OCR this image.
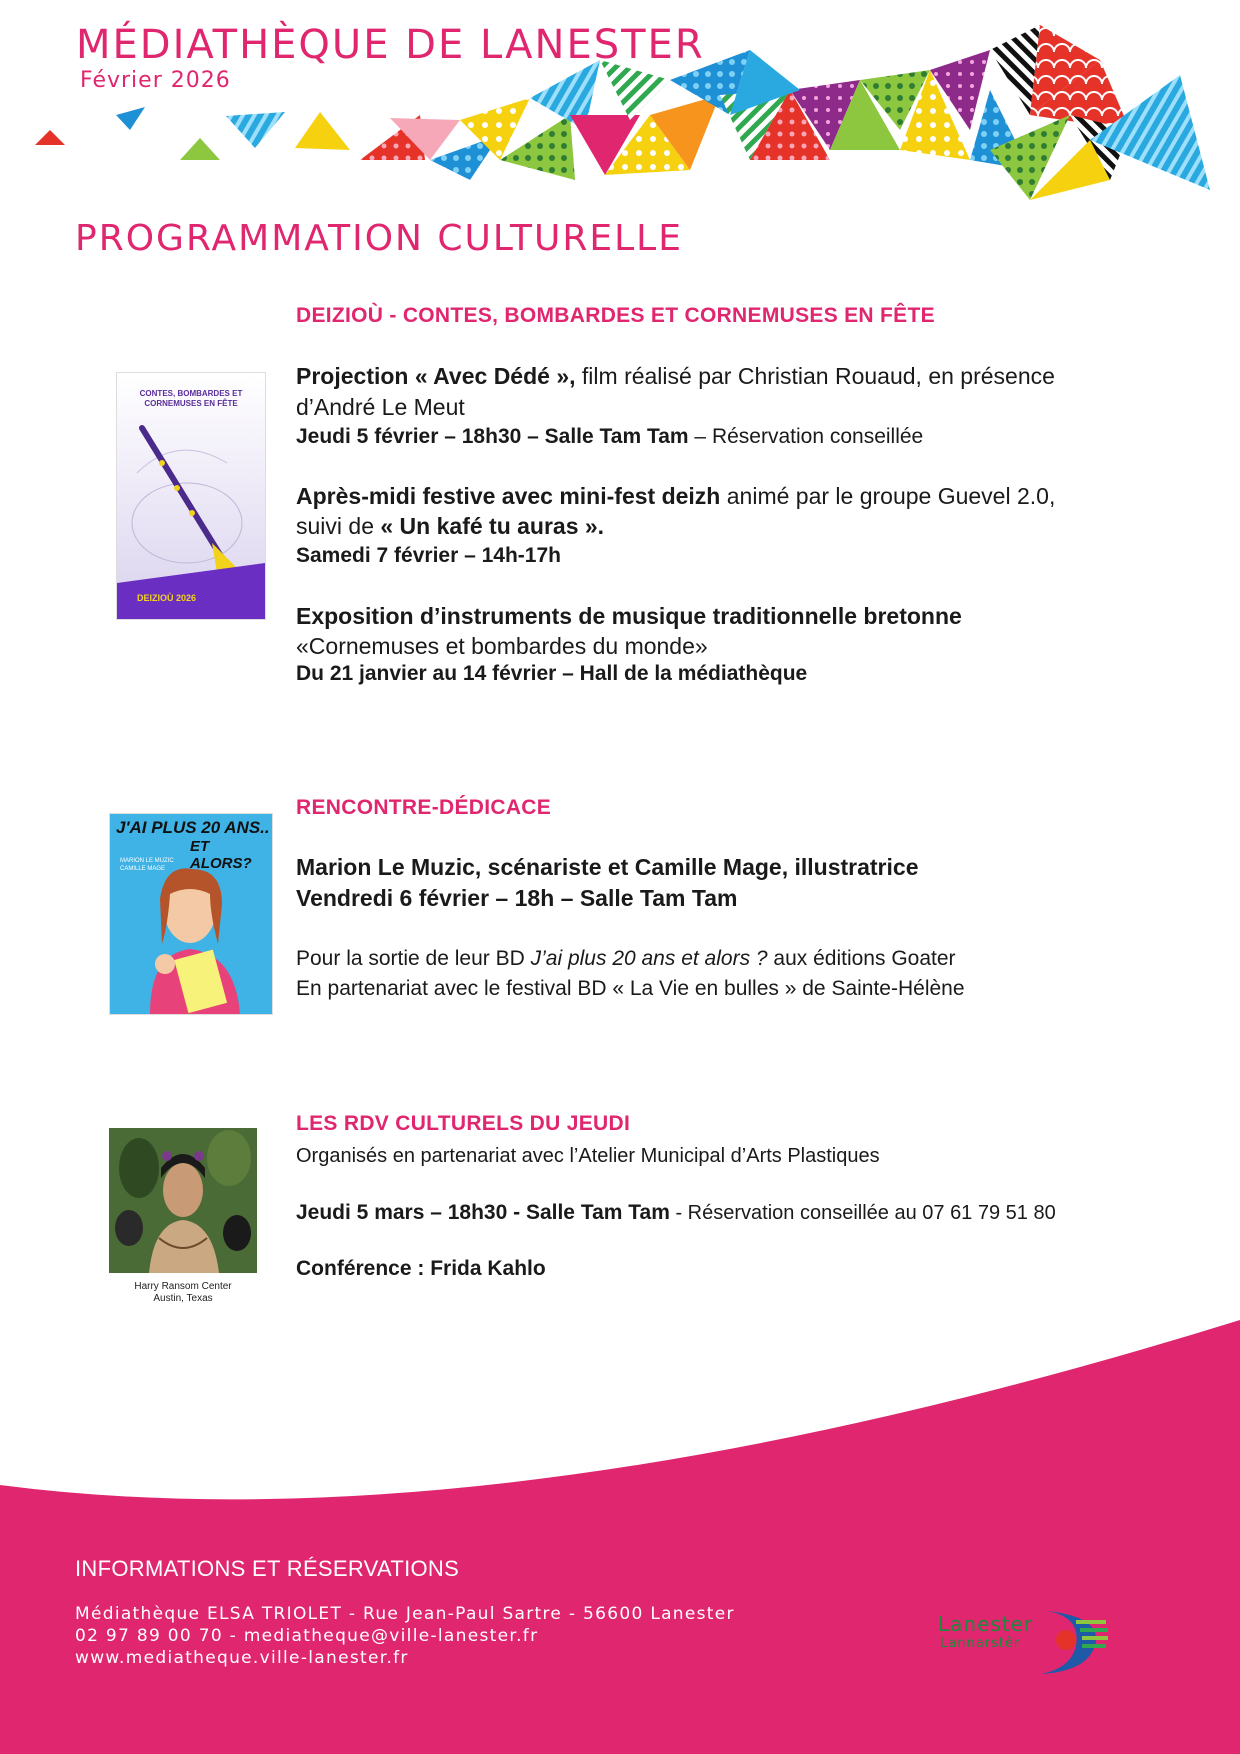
MÉDIATHÈQUE DE LANESTER
Février 2026
PROGRAMMATION CULTURELLE
CONTES, BOMBARDES ET CORNEMUSES EN FÊTE
DEIZIOÙ 2026
DEIZIOÙ - CONTES, BOMBARDES ET CORNEMUSES EN FÊTE
Projection « Avec Dédé », film réalisé par Christian Rouaud, en présence
d’André Le Meut
Jeudi 5 février – 18h30 – Salle Tam Tam – Réservation conseillée
Après-midi festive avec mini-fest deizh animé par le groupe Guevel 2.0,
suivi de « Un kafé tu auras ».
Samedi 7 février – 14h-17h
Exposition d’instruments de musique traditionnelle bretonne
«Cornemuses et bombardes du monde»
Du 21 janvier au 14 février – Hall de la médiathèque
J'AI PLUS 20 ANS..
ET ALORS?
MARION LE MUZIC
CAMILLE MAGE
RENCONTRE-DÉDICACE
Marion Le Muzic, scénariste et Camille Mage, illustratrice
Vendredi 6 février – 18h – Salle Tam Tam
Pour la sortie de leur BD J’ai plus 20 ans et alors ? aux éditions Goater
En partenariat avec le festival BD « La Vie en bulles » de Sainte-Hélène
Harry Ransom Center
Austin, Texas
LES RDV CULTURELS DU JEUDI
Organisés en partenariat avec l’Atelier Municipal d’Arts Plastiques
Jeudi 5 mars – 18h30 - Salle Tam Tam - Réservation conseillée au 07 61 79 51 80
Conférence : Frida Kahlo
INFORMATIONS ET RÉSERVATIONS
Médiathèque ELSA TRIOLET - Rue Jean-Paul Sartre - 56600 Lanester
02 97 89 00 70 - mediatheque@ville-lanester.fr
www.mediatheque.ville-lanester.fr
Lanester
Lannarstêr
